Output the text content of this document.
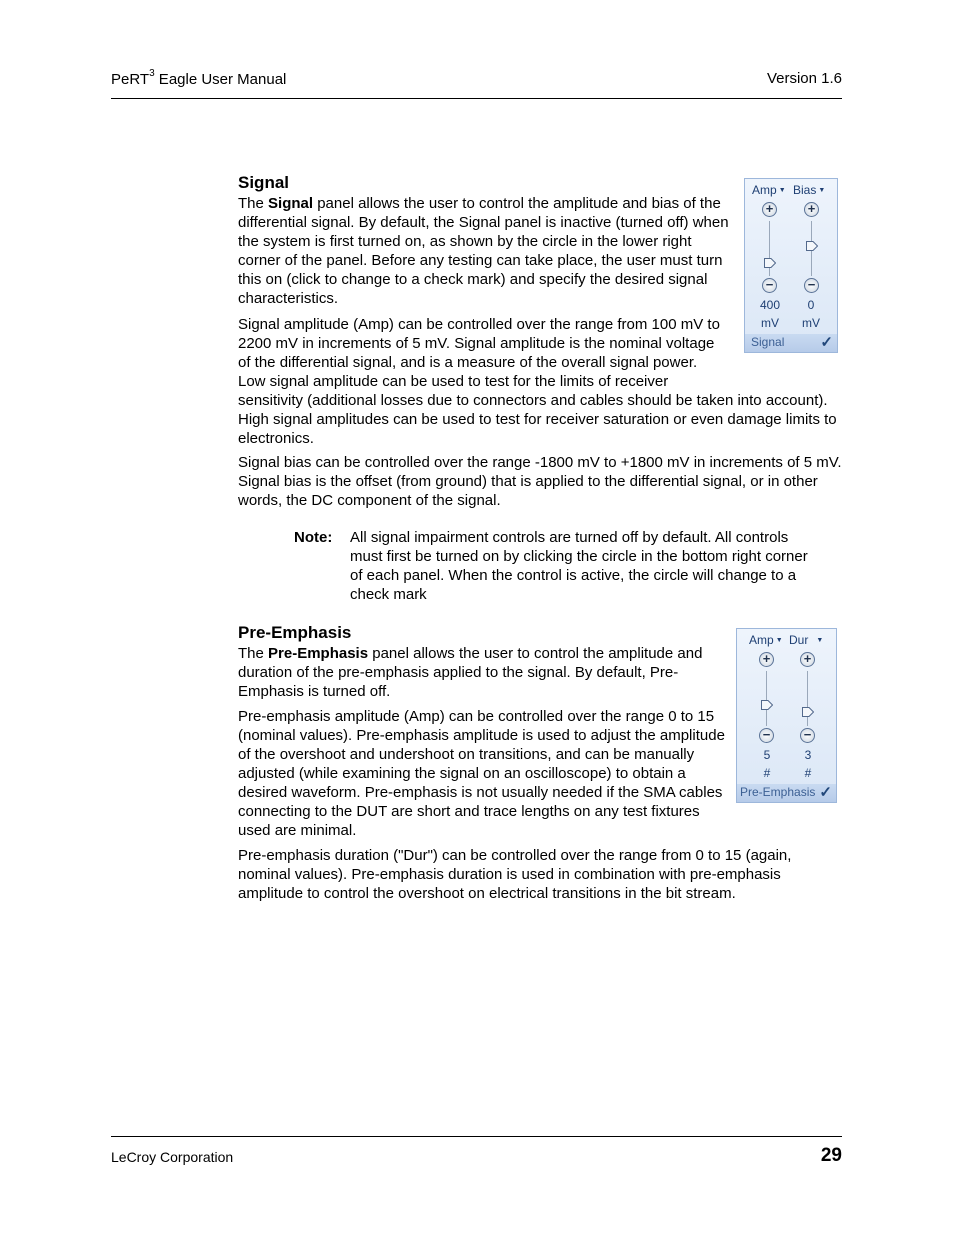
PeRT$^3$ Eagle User Manual	Version 1.6
Signal

The Signal panel allows the user to control the amplitude and bias of the differential signal. By default, the Signal panel is inactive (turned off) when the system is first turned on, as shown by the circle in the lower right corner of the panel. Before any testing can take place, the user must turn this on (click to change to a check mark) and specify the desired signal characteristics.

Signal amplitude (Amp) can be controlled over the range from 100 mV to 2200 mV in increments of 5 mV. Signal amplitude is the nominal voltage of the differential signal, and is a measure of the overall signal power. Low signal amplitude can be used to test for the limits of receiver sensitivity (additional losses due to connectors and cables should be taken into account). High signal amplitudes can be used to test for receiver saturation or even damage limits to electronics.

Signal bias can be controlled over the range -1800 mV to +1800 mV in increments of 5 mV. Signal bias is the offset (from ground) that is applied to the differential signal, or in other words, the DC component of the signal.
Amp ▼ Bias ▼
+	+
−	−
400	0
mV	mV
Signal ✓
Note: All signal impairment controls are turned off by default. All controls must first be turned on by clicking the circle in the bottom right corner of each panel. When the control is active, the circle will change to a check mark
Pre-Emphasis

The Pre-Emphasis panel allows the user to control the amplitude and duration of the pre-emphasis applied to the signal. By default, Pre-Emphasis is turned off.

Pre-emphasis amplitude (Amp) can be controlled over the range 0 to 15 (nominal values). Pre-emphasis amplitude is used to adjust the amplitude of the overshoot and undershoot on transitions, and can be manually adjusted (while examining the signal on an oscilloscope) to obtain a desired waveform. Pre-emphasis is not usually needed if the SMA cables connecting to the DUT are short and trace lengths on any test fixtures used are minimal.
Pre-emphasis duration ("Dur") can be controlled over the range from 0 to 15 (again, nominal values). Pre-emphasis duration is used in combination with pre-emphasis amplitude to control the overshoot on electrical transitions in the bit stream.
Amp ▼ Dur ▼
+	+
−	−
5	3
#	#
Pre-Emphasis ✓
LeCroy Corporation	29
